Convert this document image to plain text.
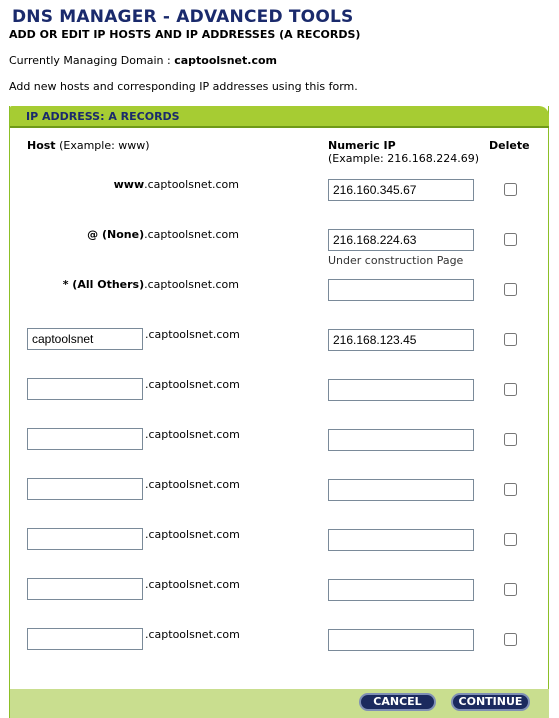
DNS MANAGER - ADVANCED TOOLS
ADD OR EDIT IP HOSTS AND IP ADDRESSES (A RECORDS)
Currently Managing Domain : captoolsnet.com
Add new hosts and corresponding IP addresses using this form.
IP ADDRESS: A RECORDS
Host (Example: www)	Numeric IP
(Example: 216.168.224.69)
Delete
www.captoolsnet.com
216.160.345.67
@ (None).captoolsnet.com
216.168.224.63
Under construction Page
* (All Others).captoolsnet.com
captoolsnet
.captoolsnet.com
216.168.123.45
.captoolsnet.com
.captoolsnet.com
.captoolsnet.com
.captoolsnet.com
.captoolsnet.com
.captoolsnet.com
CANCEL	CONTINUE
